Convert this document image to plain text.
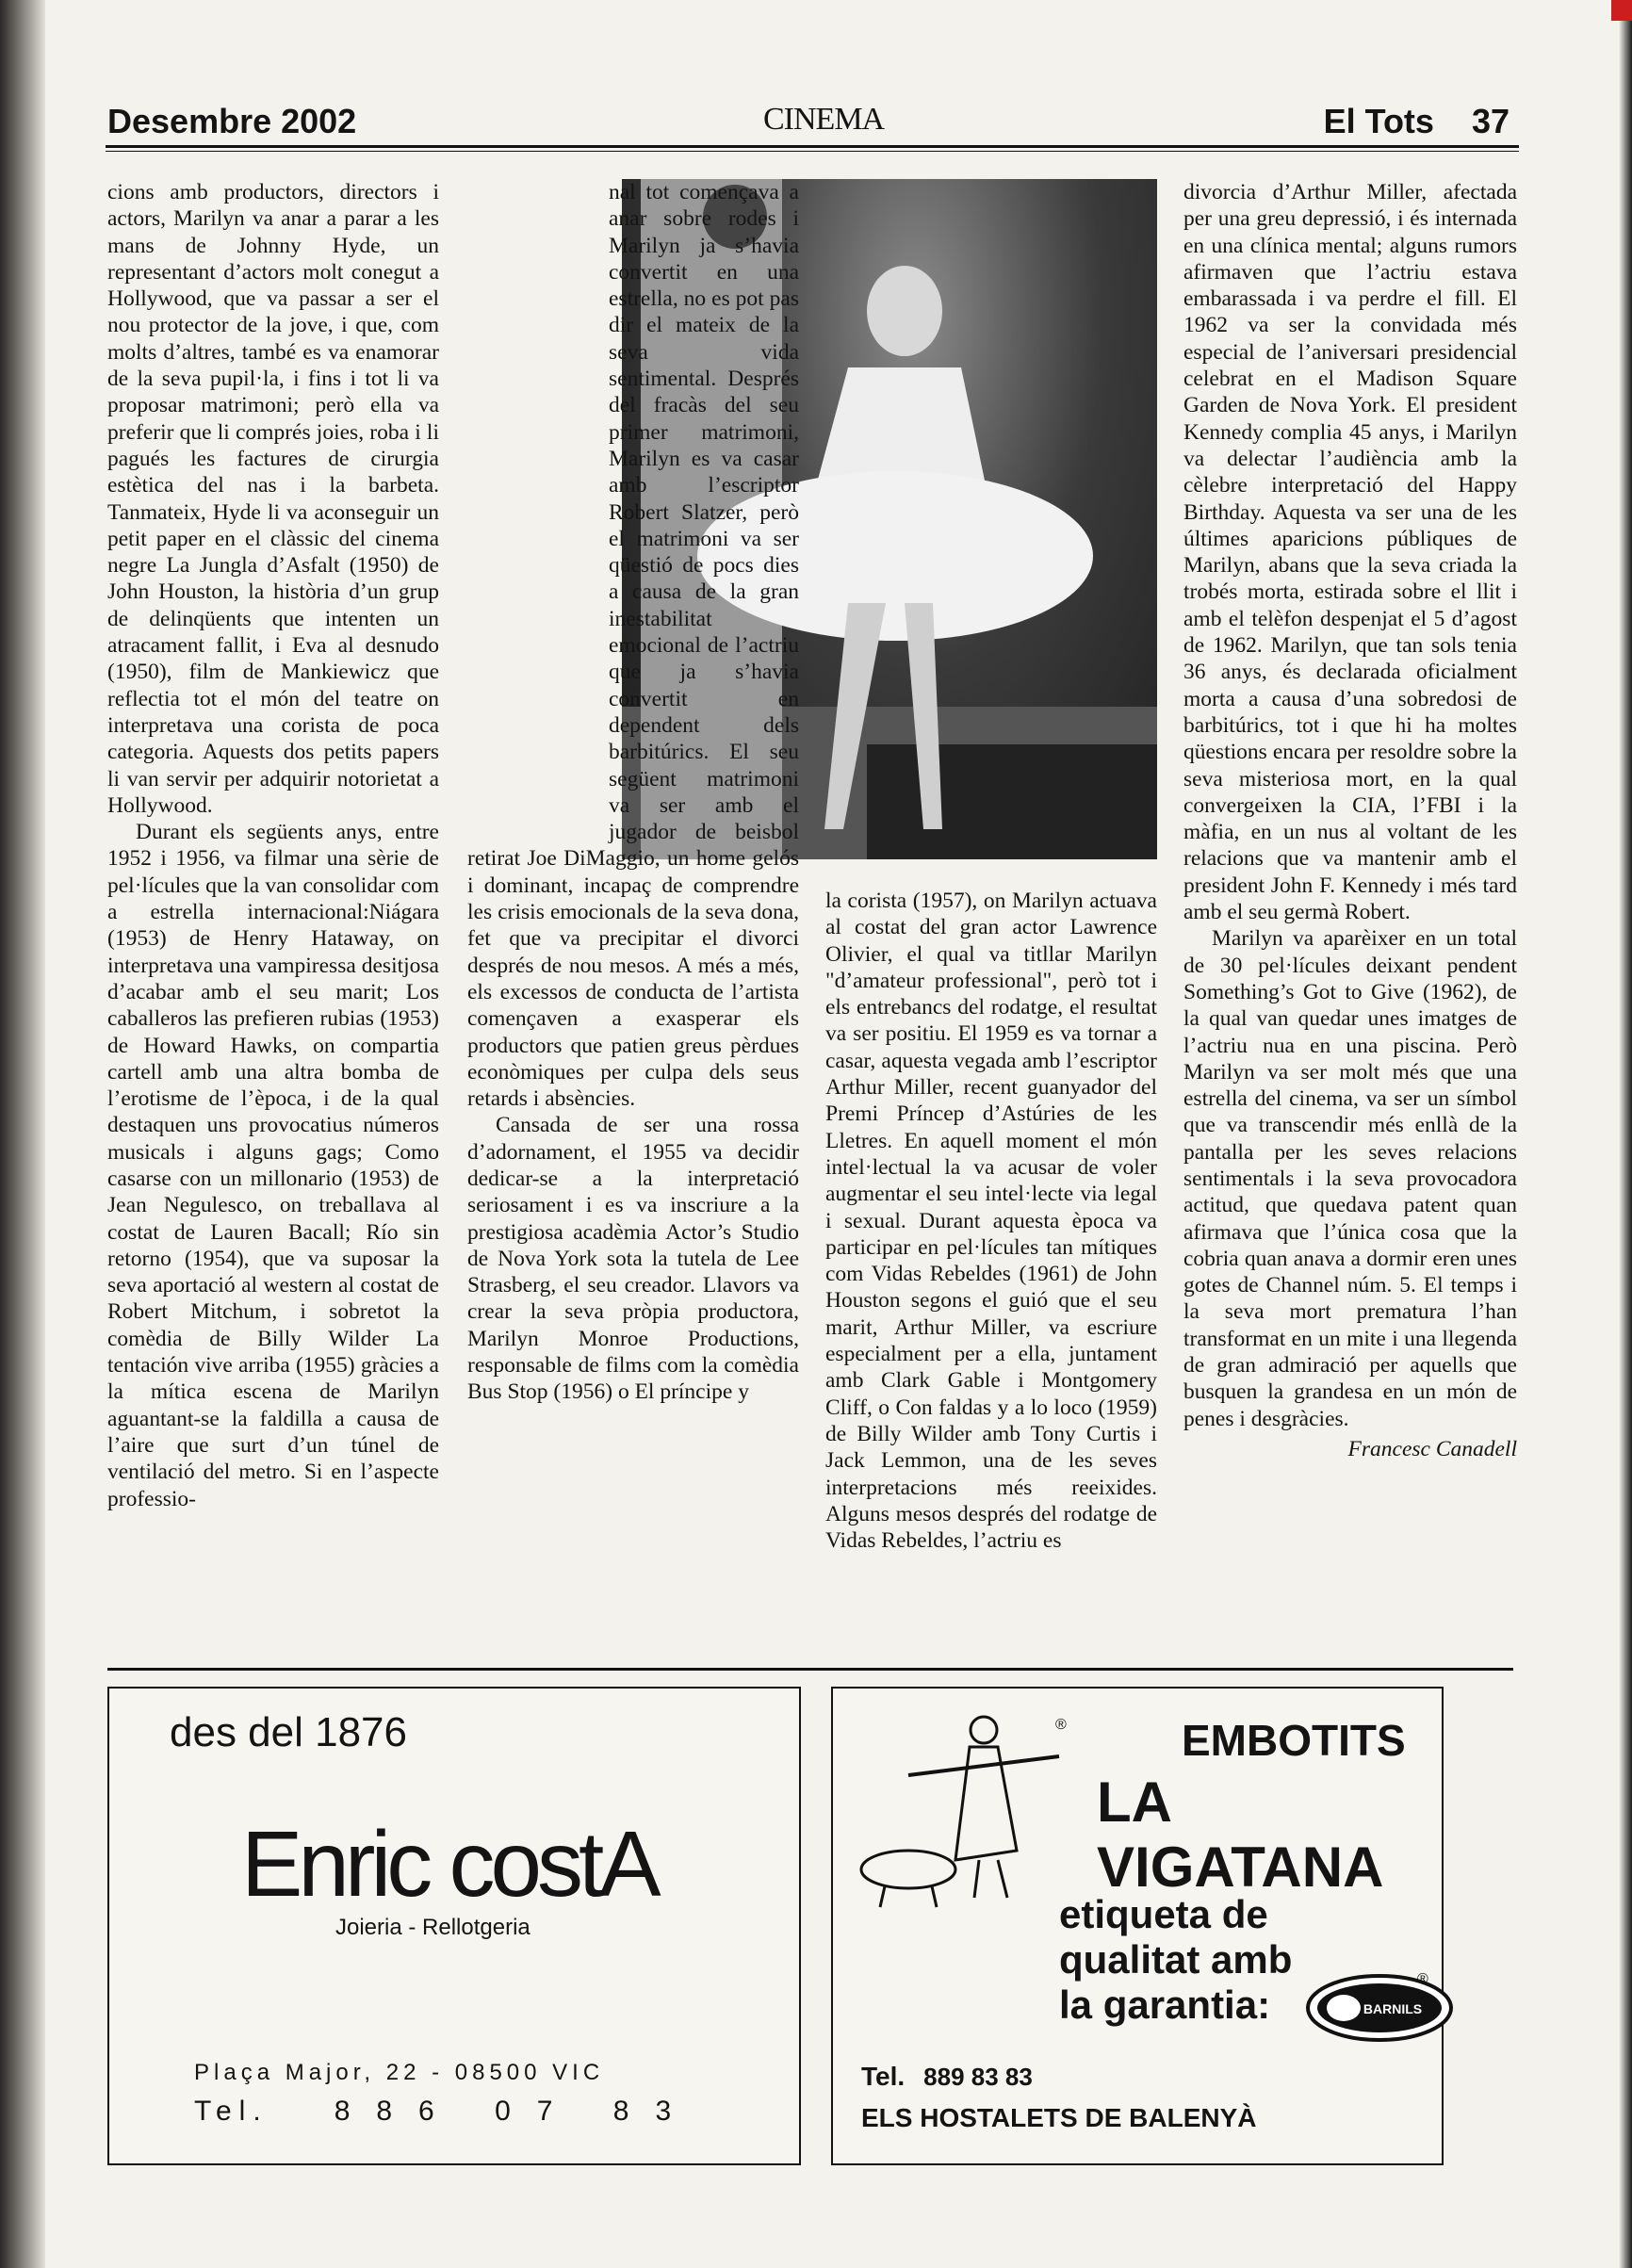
Desembre 2002	CINEMA	El Tots 37

cions amb productors, directors i actors, Marilyn va anar a parar a les mans de Johnny Hyde, un representant d’actors molt conegut a Hollywood, que va passar a ser el nou protector de la jove, i que, com molts d’altres, també es va enamorar de la seva pupil·la, i fins i tot li va proposar matrimoni; però ella va preferir que li comprés joies, roba i li pagués les factures de cirurgia estètica del nas i la barbeta. Tanmateix, Hyde li va aconseguir un petit paper en el clàssic del cinema negre La Jungla d’Asfalt (1950) de John Houston, la història d’un grup de delinqüents que intenten un atracament fallit, i Eva al desnudo (1950), film de Mankiewicz que reflectia tot el món del teatre on interpretava una corista de poca categoria. Aquests dos petits papers li van servir per adquirir notorietat a Hollywood.

Durant els següents anys, entre 1952 i 1956, va filmar una sèrie de pel·lícules que la van consolidar com a estrella internacional:Niágara (1953) de Henry Hataway, on interpretava una vampiressa desitjosa d’acabar amb el seu marit; Los caballeros las prefieren rubias (1953) de Howard Hawks, on compartia cartell amb una altra bomba de l’erotisme de l’època, i de la qual destaquen uns provocatius números musicals i alguns gags; Como casarse con un millonario (1953) de Jean Negulesco, on treballava al costat de Lauren Bacall; Río sin retorno (1954), que va suposar la seva aportació al western al costat de Robert Mitchum, i sobretot la comèdia de Billy Wilder La tentación vive arriba (1955) gràcies a la mítica escena de Marilyn aguantant-se la faldilla a causa de l’aire que surt d’un túnel de ventilació del metro. Si en l’aspecte professio-

nal tot començava a anar sobre rodes i Marilyn ja s’havia convertit en una estrella, no es pot pas dir el mateix de la seva vida sentimental. Després del fracàs del seu primer matrimoni, Marilyn es va casar amb l’escriptor Robert Slatzer, però el matrimoni va ser qüestió de pocs dies a causa de la gran inestabilitat emocional de l’actriu que ja s’havia convertit en dependent dels barbitúrics. El seu següent matrimoni va ser amb el jugador de beisbol retirat Joe DiMaggio, un home gelós i dominant, incapaç de comprendre les crisis emocionals de la seva dona, fet que va precipitar el divorci després de nou mesos. A més a més, els excessos de conducta de l’artista començaven a exasperar els productors que patien greus pèrdues econòmiques per culpa dels seus retards i absències.

Cansada de ser una rossa d’adornament, el 1955 va decidir dedicar-se a la interpretació seriosament i es va inscriure a la prestigiosa acadèmia Actor’s Studio de Nova York sota la tutela de Lee Strasberg, el seu creador. Llavors va crear la seva pròpia productora, Marilyn Monroe Productions, responsable de films com la comèdia Bus Stop (1956) o El príncipe y

la corista (1957), on Marilyn actuava al costat del gran actor Lawrence Olivier, el qual va titllar Marilyn "d’amateur professional", però tot i els entrebancs del rodatge, el resultat va ser positiu. El 1959 es va tornar a casar, aquesta vegada amb l’escriptor Arthur Miller, recent guanyador del Premi Príncep d’Astúries de les Lletres. En aquell moment el món intel·lectual la va acusar de voler augmentar el seu intel·lecte via legal i sexual. Durant aquesta època va participar en pel·lícules tan mítiques com Vidas Rebeldes (1961) de John Houston segons el guió que el seu marit, Arthur Miller, va escriure especialment per a ella, juntament amb Clark Gable i Montgomery Cliff, o Con faldas y a lo loco (1959) de Billy Wilder amb Tony Curtis i Jack Lemmon, una de les seves interpretacions més reeixides. Alguns mesos després del rodatge de Vidas Rebeldes, l’actriu es

divorcia d’Arthur Miller, afectada per una greu depressió, i és internada en una clínica mental; alguns rumors afirmaven que l’actriu estava embarassada i va perdre el fill. El 1962 va ser la convidada més especial de l’aniversari presidencial celebrat en el Madison Square Garden de Nova York. El president Kennedy complia 45 anys, i Marilyn va delectar l’audiència amb la cèlebre interpretació del Happy Birthday. Aquesta va ser una de les últimes aparicions públiques de Marilyn, abans que la seva criada la trobés morta, estirada sobre el llit i amb el telèfon despenjat el 5 d’agost de 1962. Marilyn, que tan sols tenia 36 anys, és declarada oficialment morta a causa d’una sobredosi de barbitúrics, tot i que hi ha moltes qüestions encara per resoldre sobre la seva misteriosa mort, en la qual convergeixen la CIA, l’FBI i la màfia, en un nus al voltant de les relacions que va mantenir amb el president John F. Kennedy i més tard amb el seu germà Robert.

Marilyn va aparèixer en un total de 30 pel·lícules deixant pendent Something’s Got to Give (1962), de la qual van quedar unes imatges de l’actriu nua en una piscina. Però Marilyn va ser molt més que una estrella del cinema, va ser un símbol que va transcendir més enllà de la pantalla per les seves relacions sentimentals i la seva provocadora actitud, que quedava patent quan afirmava que l’única cosa que la cobria quan anava a dormir eren unes gotes de Channel núm. 5. El temps i la seva mort prematura l’han transformat en un mite i una llegenda de gran admiració per aquells que busquen la grandesa en un món de penes i desgràcies.

Francesc Canadell
des del 1876
Enric costA
Joieria - Rellotgeria
Plaça Major, 22 - 08500 VIC
Tel. 886 07 83
®	EMBOTITS
LA VIGATANA
etiqueta de
qualitat amb
la garantia:	BARNILS
®
Tel. 889 83 83
ELS HOSTALETS DE BALENYÀ
